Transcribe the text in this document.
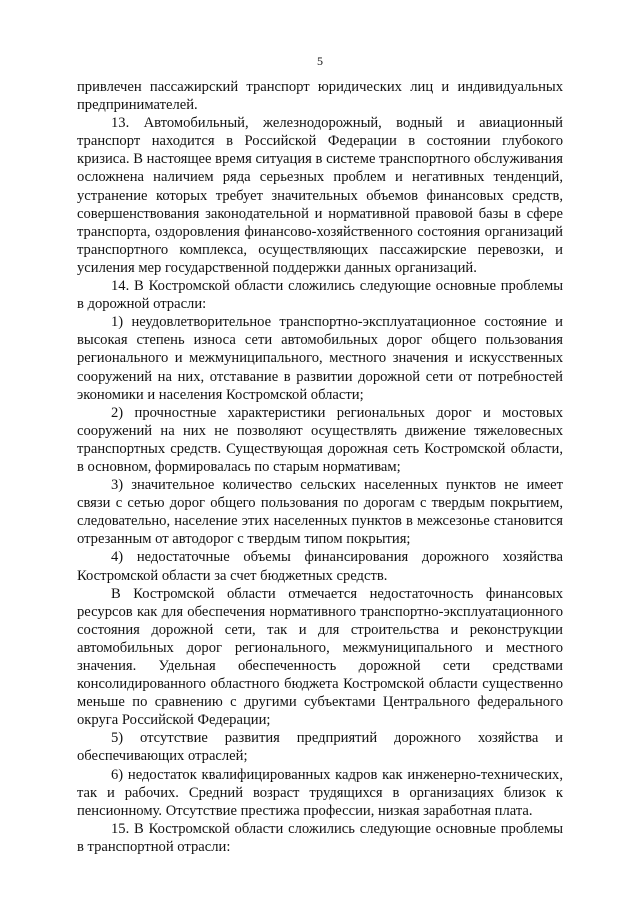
5

привлечен пассажирский транспорт юридических лиц и индивидуальных предпринимателей.

13. Автомобильный, железнодорожный, водный и авиационный транспорт находится в Российской Федерации в состоянии глубокого кризиса. В настоящее время ситуация в системе транспортного обслуживания осложнена наличием ряда серьезных проблем и негативных тенденций, устранение которых требует значительных объемов финансовых средств, совершенствования законодательной и нормативной правовой базы в сфере транспорта, оздоровления финансово-хозяйственного состояния организаций транспортного комплекса, осуществляющих пассажирские перевозки, и усиления мер государственной поддержки данных организаций.

14. В Костромской области сложились следующие основные проблемы в дорожной отрасли:

1) неудовлетворительное транспортно-эксплуатационное состояние и высокая степень износа сети автомобильных дорог общего пользования регионального и межмуниципального, местного значения и искусственных сооружений на них, отставание в развитии дорожной сети от потребностей экономики и населения Костромской области;

2) прочностные характеристики региональных дорог и мостовых сооружений на них не позволяют осуществлять движение тяжеловесных транспортных средств. Существующая дорожная сеть Костромской области, в основном, формировалась по старым нормативам;

3) значительное количество сельских населенных пунктов не имеет связи с сетью дорог общего пользования по дорогам с твердым покрытием, следовательно, население этих населенных пунктов в межсезонье становится отрезанным от автодорог с твердым типом покрытия;

4) недостаточные объемы финансирования дорожного хозяйства Костромской области за счет бюджетных средств.

В Костромской области отмечается недостаточность финансовых ресурсов как для обеспечения нормативного транспортно-эксплуатационного состояния дорожной сети, так и для строительства и реконструкции автомобильных дорог регионального, межмуниципального и местного значения. Удельная обеспеченность дорожной сети средствами консолидированного областного бюджета Костромской области существенно меньше по сравнению с другими субъектами Центрального федерального округа Российской Федерации;

5) отсутствие развития предприятий дорожного хозяйства и обеспечивающих отраслей;

6) недостаток квалифицированных кадров как инженерно-технических, так и рабочих. Средний возраст трудящихся в организациях близок к пенсионному. Отсутствие престижа профессии, низкая заработная плата.

15. В Костромской области сложились следующие основные проблемы в транспортной отрасли:
